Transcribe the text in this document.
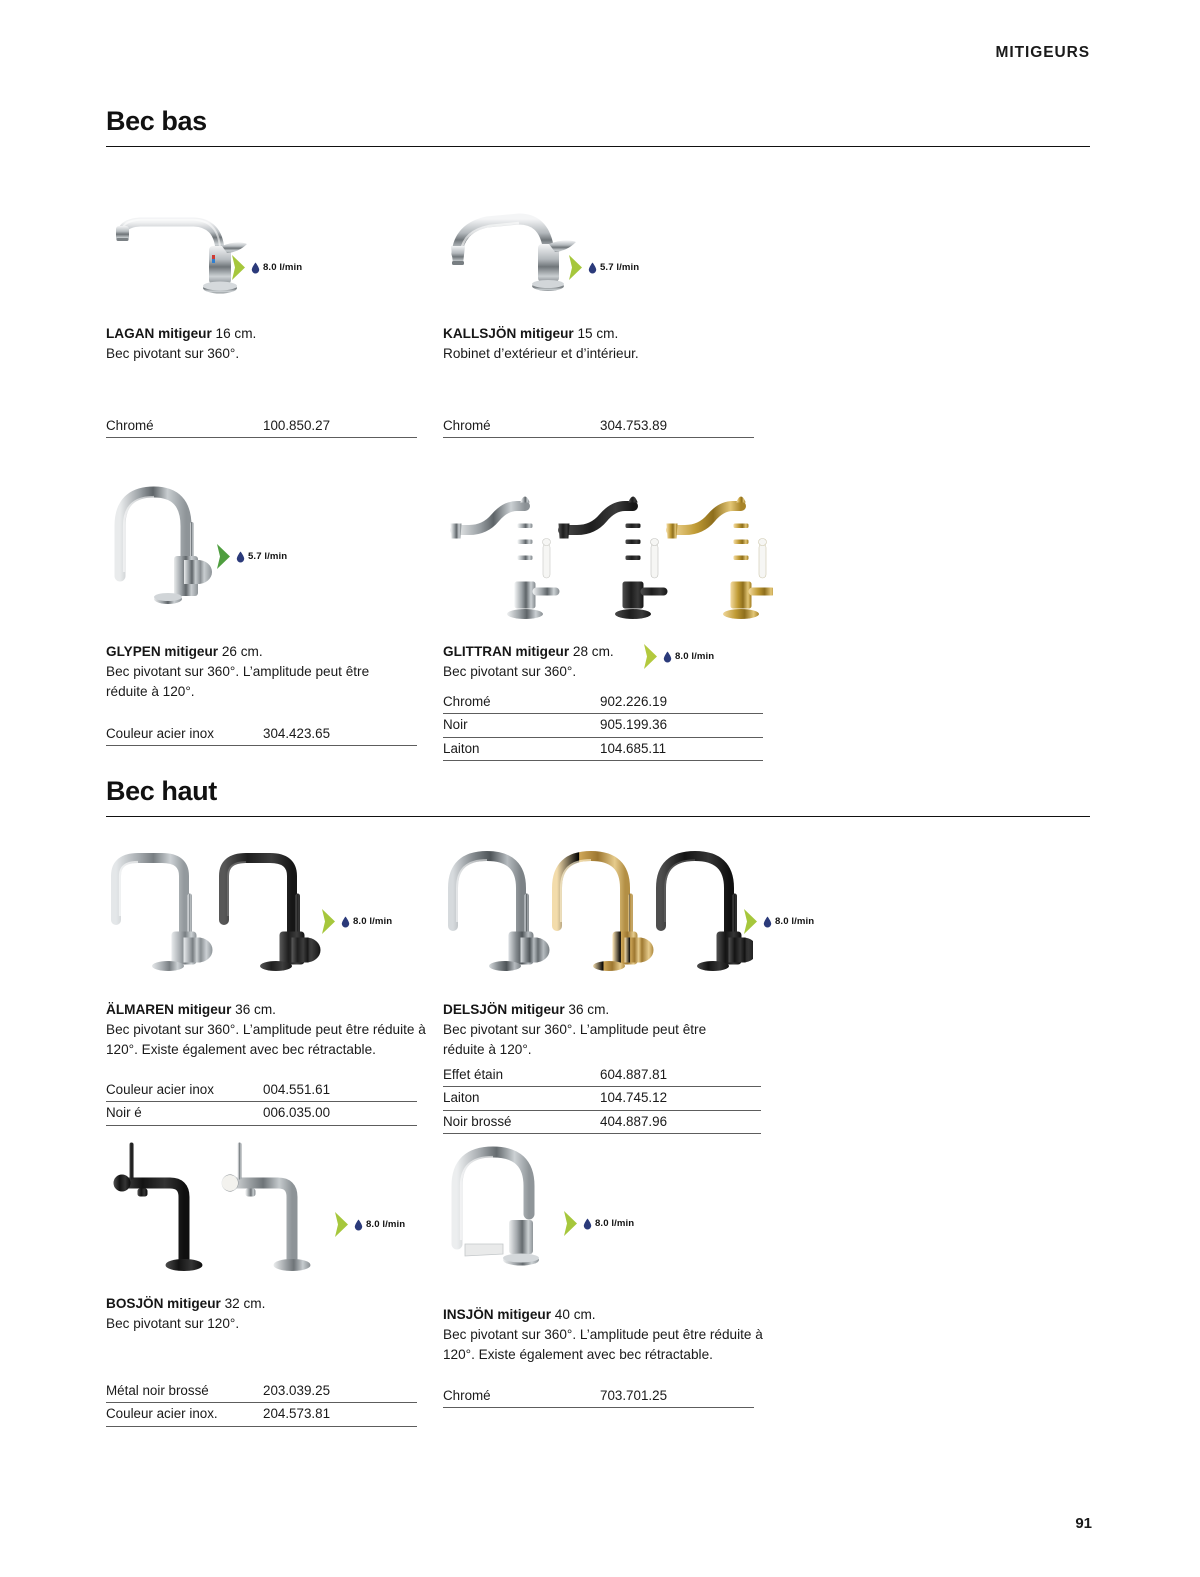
MITIGEURS
Bec bas
8.0 l/min
LAGAN mitigeur 16 cm.
Bec pivotant sur 360°.
Chromé	100.850.27
5.7 l/min
KALLSJÖN mitigeur 15 cm.
Robinet d’extérieur et d’intérieur.
Chromé	304.753.89
5.7 l/min
GLYPEN mitigeur 26 cm.
Bec pivotant sur 360°. L’amplitude peut être réduite à 120°.
Couleur acier inox	304.423.65
GLITTRAN mitigeur 28 cm.
Bec pivotant sur 360°.
8.0 l/min
Chromé	902.226.19
Noir	905.199.36
Laiton	104.685.11
Bec haut
8.0 l/min
ÄLMAREN mitigeur 36 cm.
Bec pivotant sur 360°. L’amplitude peut être réduite à 120°. Existe également avec bec rétractable.
Couleur acier inox	004.551.61
Noir é	006.035.00
8.0 l/min
DELSJÖN mitigeur 36 cm.
Bec pivotant sur 360°. L’amplitude peut être réduite à 120°.
Effet étain	604.887.81
Laiton	104.745.12
Noir brossé	404.887.96
8.0 l/min
BOSJÖN mitigeur 32 cm.
Bec pivotant sur 120°.
Métal noir brossé	203.039.25
Couleur acier inox.	204.573.81
8.0 l/min
INSJÖN mitigeur 40 cm.
Bec pivotant sur 360°. L’amplitude peut être réduite à 120°. Existe également avec bec rétractable.
Chromé	703.701.25
91
